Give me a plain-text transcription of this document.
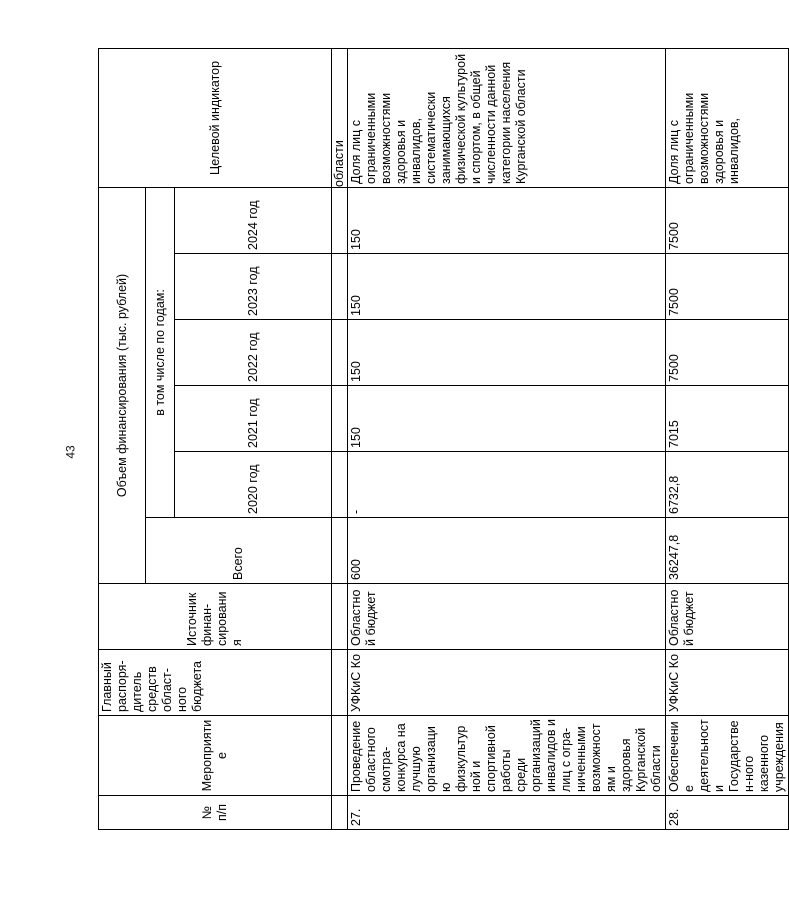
43
№ п/п	Мероприятие	Главный распоря-дитель средств област-ного бюджета	Источник финан-сирования	Объем финансирования (тыс. рублей)						Целевой индикатор
				Всего	в том числе по годам:					
					2020 год	2021 год	2022 год	2023 год	2024 год	
										области
27.	Проведение областного смотра-конкурса на лучшую организацию физкультурной и спортивной работы среди организаций инвалидов и лиц с огра-ниченными возможностям и здоровья Курганской области	УФКиС Ко	Областной бюджет	600	-	150	150	150	150	Доля лиц с ограниченными возможностями здоровья и инвалидов, систематически занимающихся физической культурой и спортом, в общей численности данной категории населения Курганской области
28.	Обеспечение деятельности Государствен-ного казенного учреждения	УФКиС Ко	Областной бюджет	36247,8	6732,8	7015	7500	7500	7500	Доля лиц с ограниченными возможностями здоровья и инвалидов,
